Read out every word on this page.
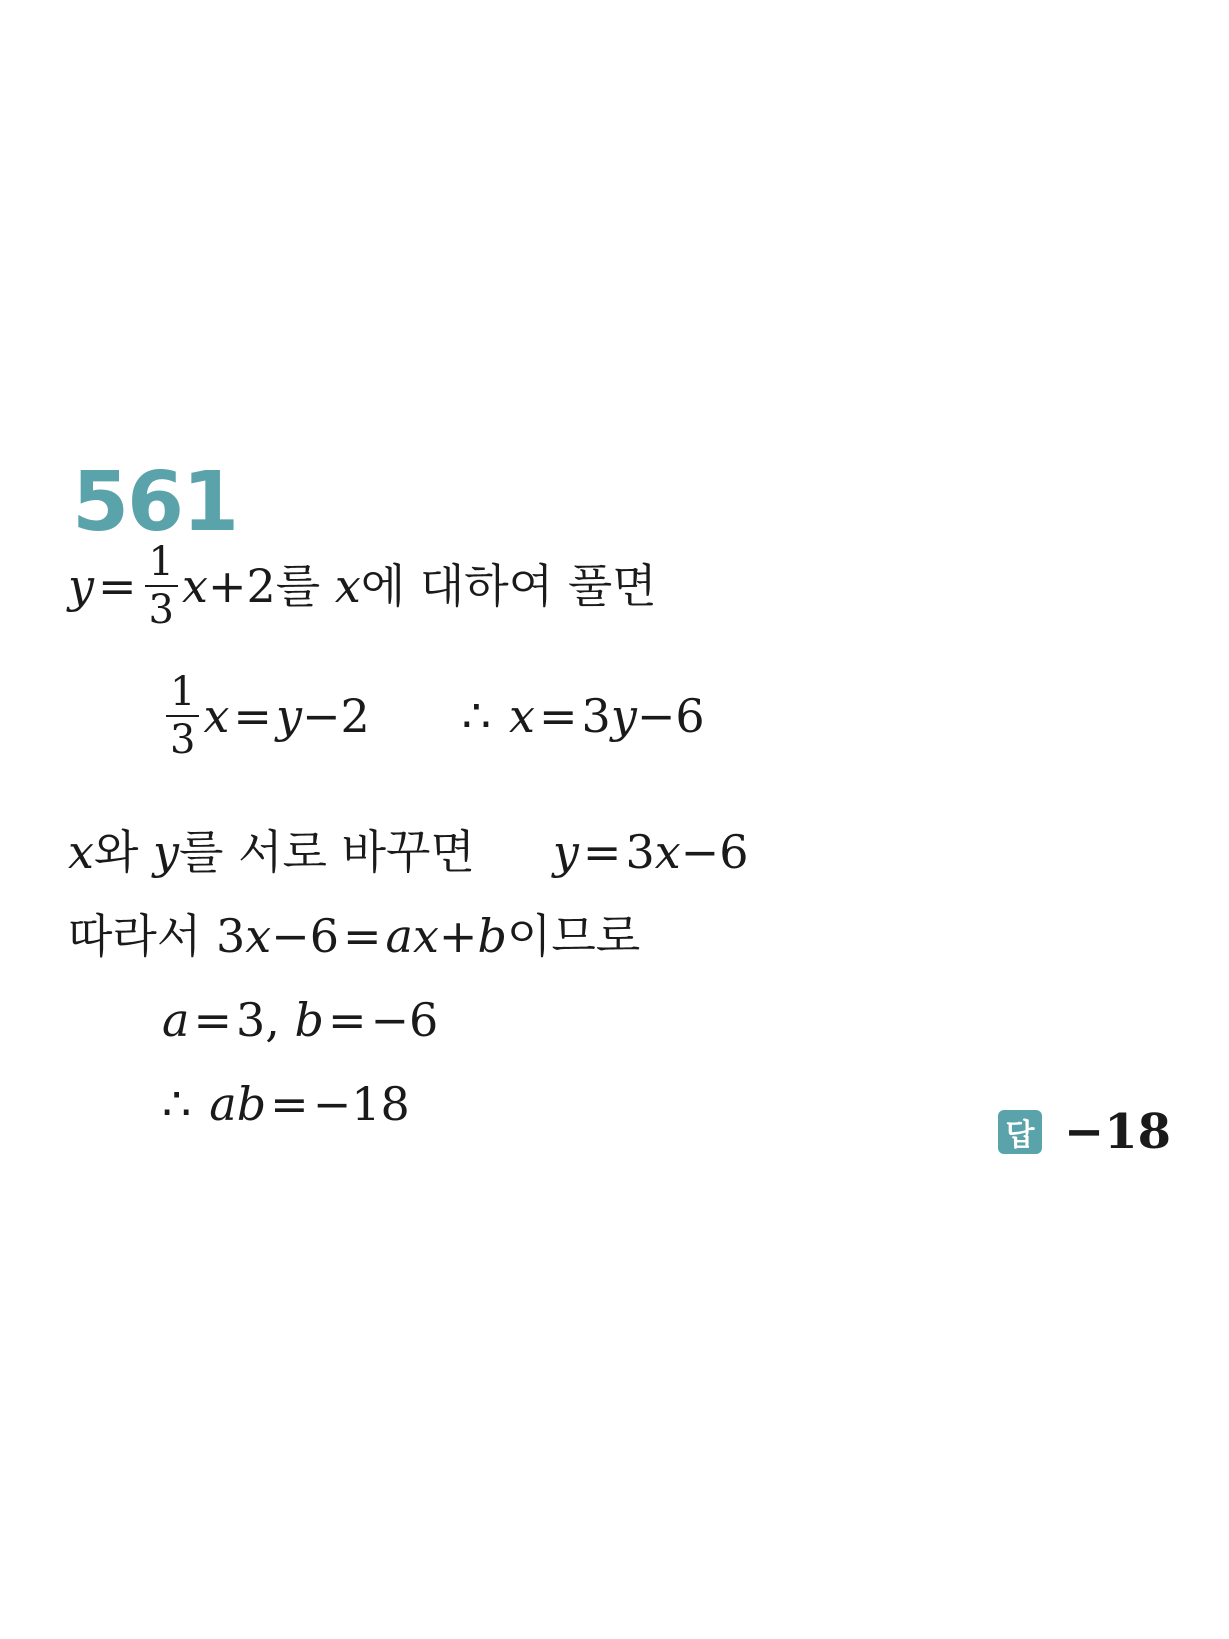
561
$y = \frac{1}{3}$ x +2 를 x 에 대하여 풀면
$\frac{1}{3}$ x = y −2 ∴ x = 3 y −6
x 와 y 를 서로 바꾸면 y = 3 x −6
따라서 3 x −6 = a x + b 이므로
a = 3, b = −6
∴ ab = −18
답 −18
